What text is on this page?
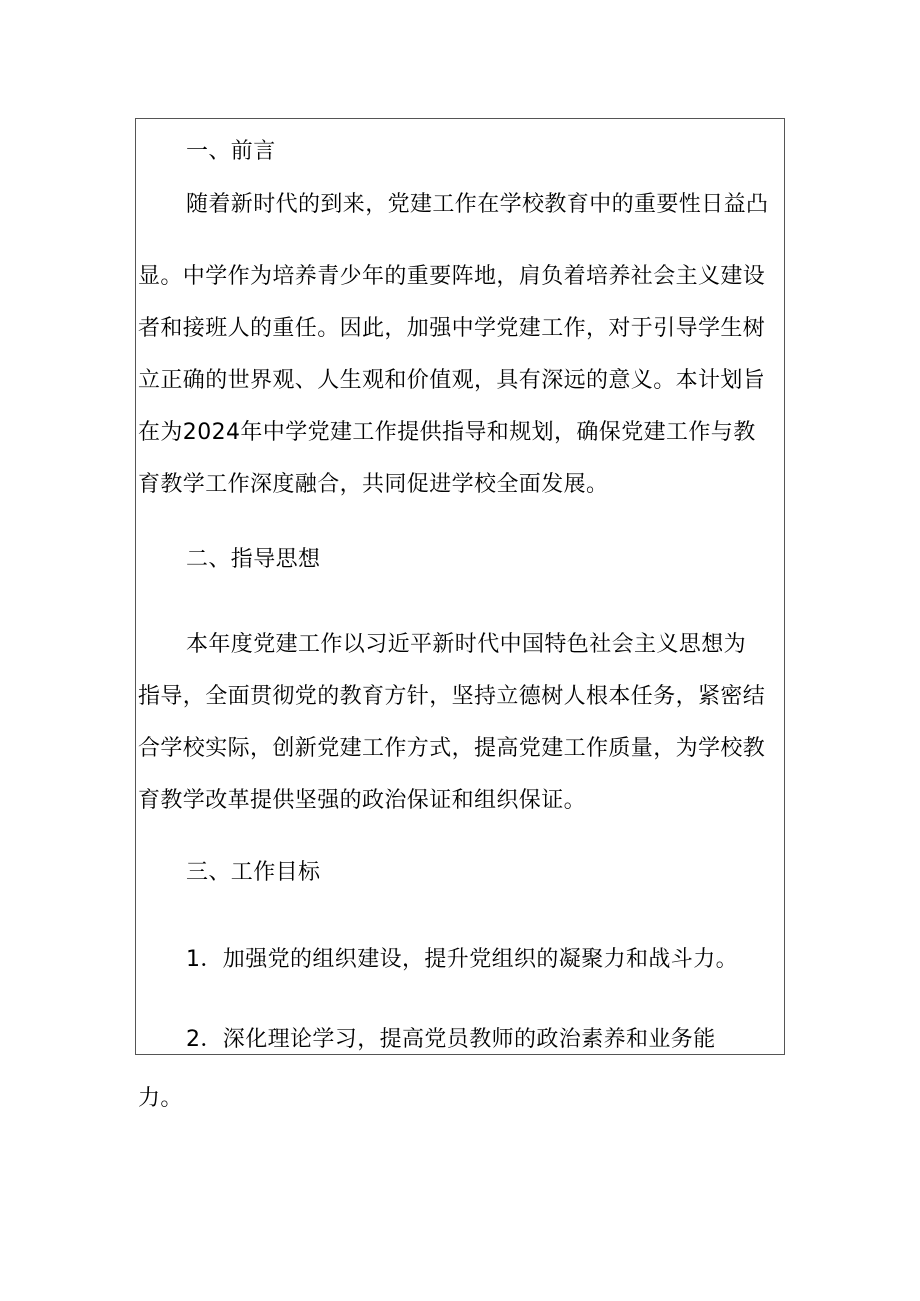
一、前言
随着新时代的到来，党建工作在学校教育中的重要性日益凸
显。中学作为培养青少年的重要阵地，肩负着培养社会主义建设
者和接班人的重任。因此，加强中学党建工作，对于引导学生树
立正确的世界观、人生观和价值观，具有深远的意义。本计划旨
在为2024年中学党建工作提供指导和规划，确保党建工作与教
育教学工作深度融合，共同促进学校全面发展。
二、指导思想
本年度党建工作以习近平新时代中国特色社会主义思想为
指导，全面贯彻党的教育方针，坚持立德树人根本任务，紧密结
合学校实际，创新党建工作方式，提高党建工作质量，为学校教
育教学改革提供坚强的政治保证和组织保证。
三、工作目标
1．加强党的组织建设，提升党组织的凝聚力和战斗力。
2．深化理论学习，提高党员教师的政治素养和业务能
力。
